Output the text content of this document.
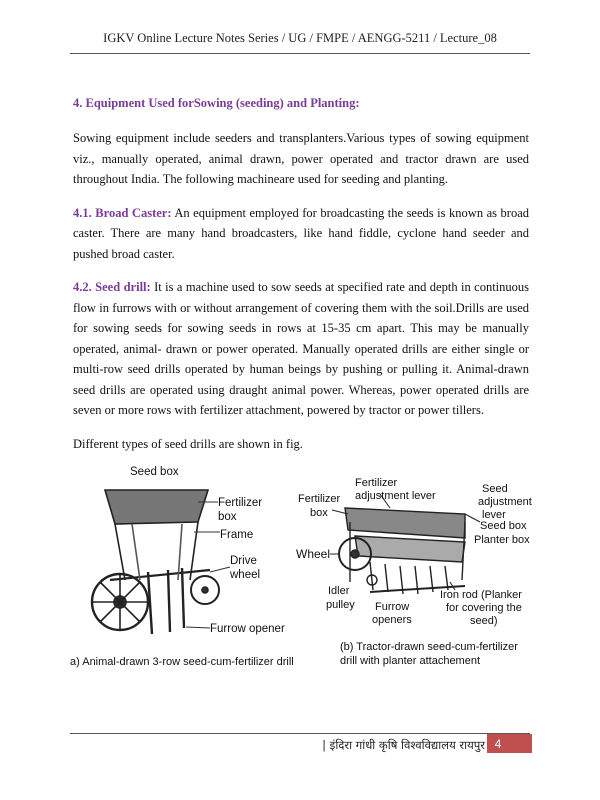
IGKV Online Lecture Notes Series / UG / FMPE / AENGG-5211 / Lecture_08
4. Equipment Used forSowing (seeding) and Planting:

Sowing equipment include seeders and transplanters.Various types of sowing equipment viz., manually operated, animal drawn, power operated and tractor drawn are used throughout India. The following machineare used for seeding and planting.

4.1. Broad Caster: An equipment employed for broadcasting the seeds is known as broad caster. There are many hand broadcasters, like hand fiddle, cyclone hand seeder and pushed broad caster.

4.2. Seed drill: It is a machine used to sow seeds at specified rate and depth in continuous flow in furrows with or without arrangement of covering them with the soil.Drills are used for sowing seeds for sowing seeds in rows at 15-35 cm apart. This may be manually operated, animal- drawn or power operated. Manually operated drills are either single or multi-row seed drills operated by human beings by pushing or pulling it. Animal-drawn seed drills are operated using draught animal power. Whereas, power operated drills are seven or more rows with fertilizer attachment, powered by tractor or power tillers.

Different types of seed drills are shown in fig.

Seed box
Fertilizer
box
Frame
Drive
wheel
Furrow opener
a) Animal-drawn 3-row seed-cum-fertilizer drill
Fertilizer
box
Fertilizer
adjustment lever
Seed
adjustment
lever
Seed box
Planter box
Wheel
Idler
pulley Furrow
openers
Iron rod (Planker
for covering the
seed)
(b) Tractor-drawn seed-cum-fertilizer
drill with planter attachement
| इंदिरा गांधी कृषि विश्वविद्यालय रायपुर 4
